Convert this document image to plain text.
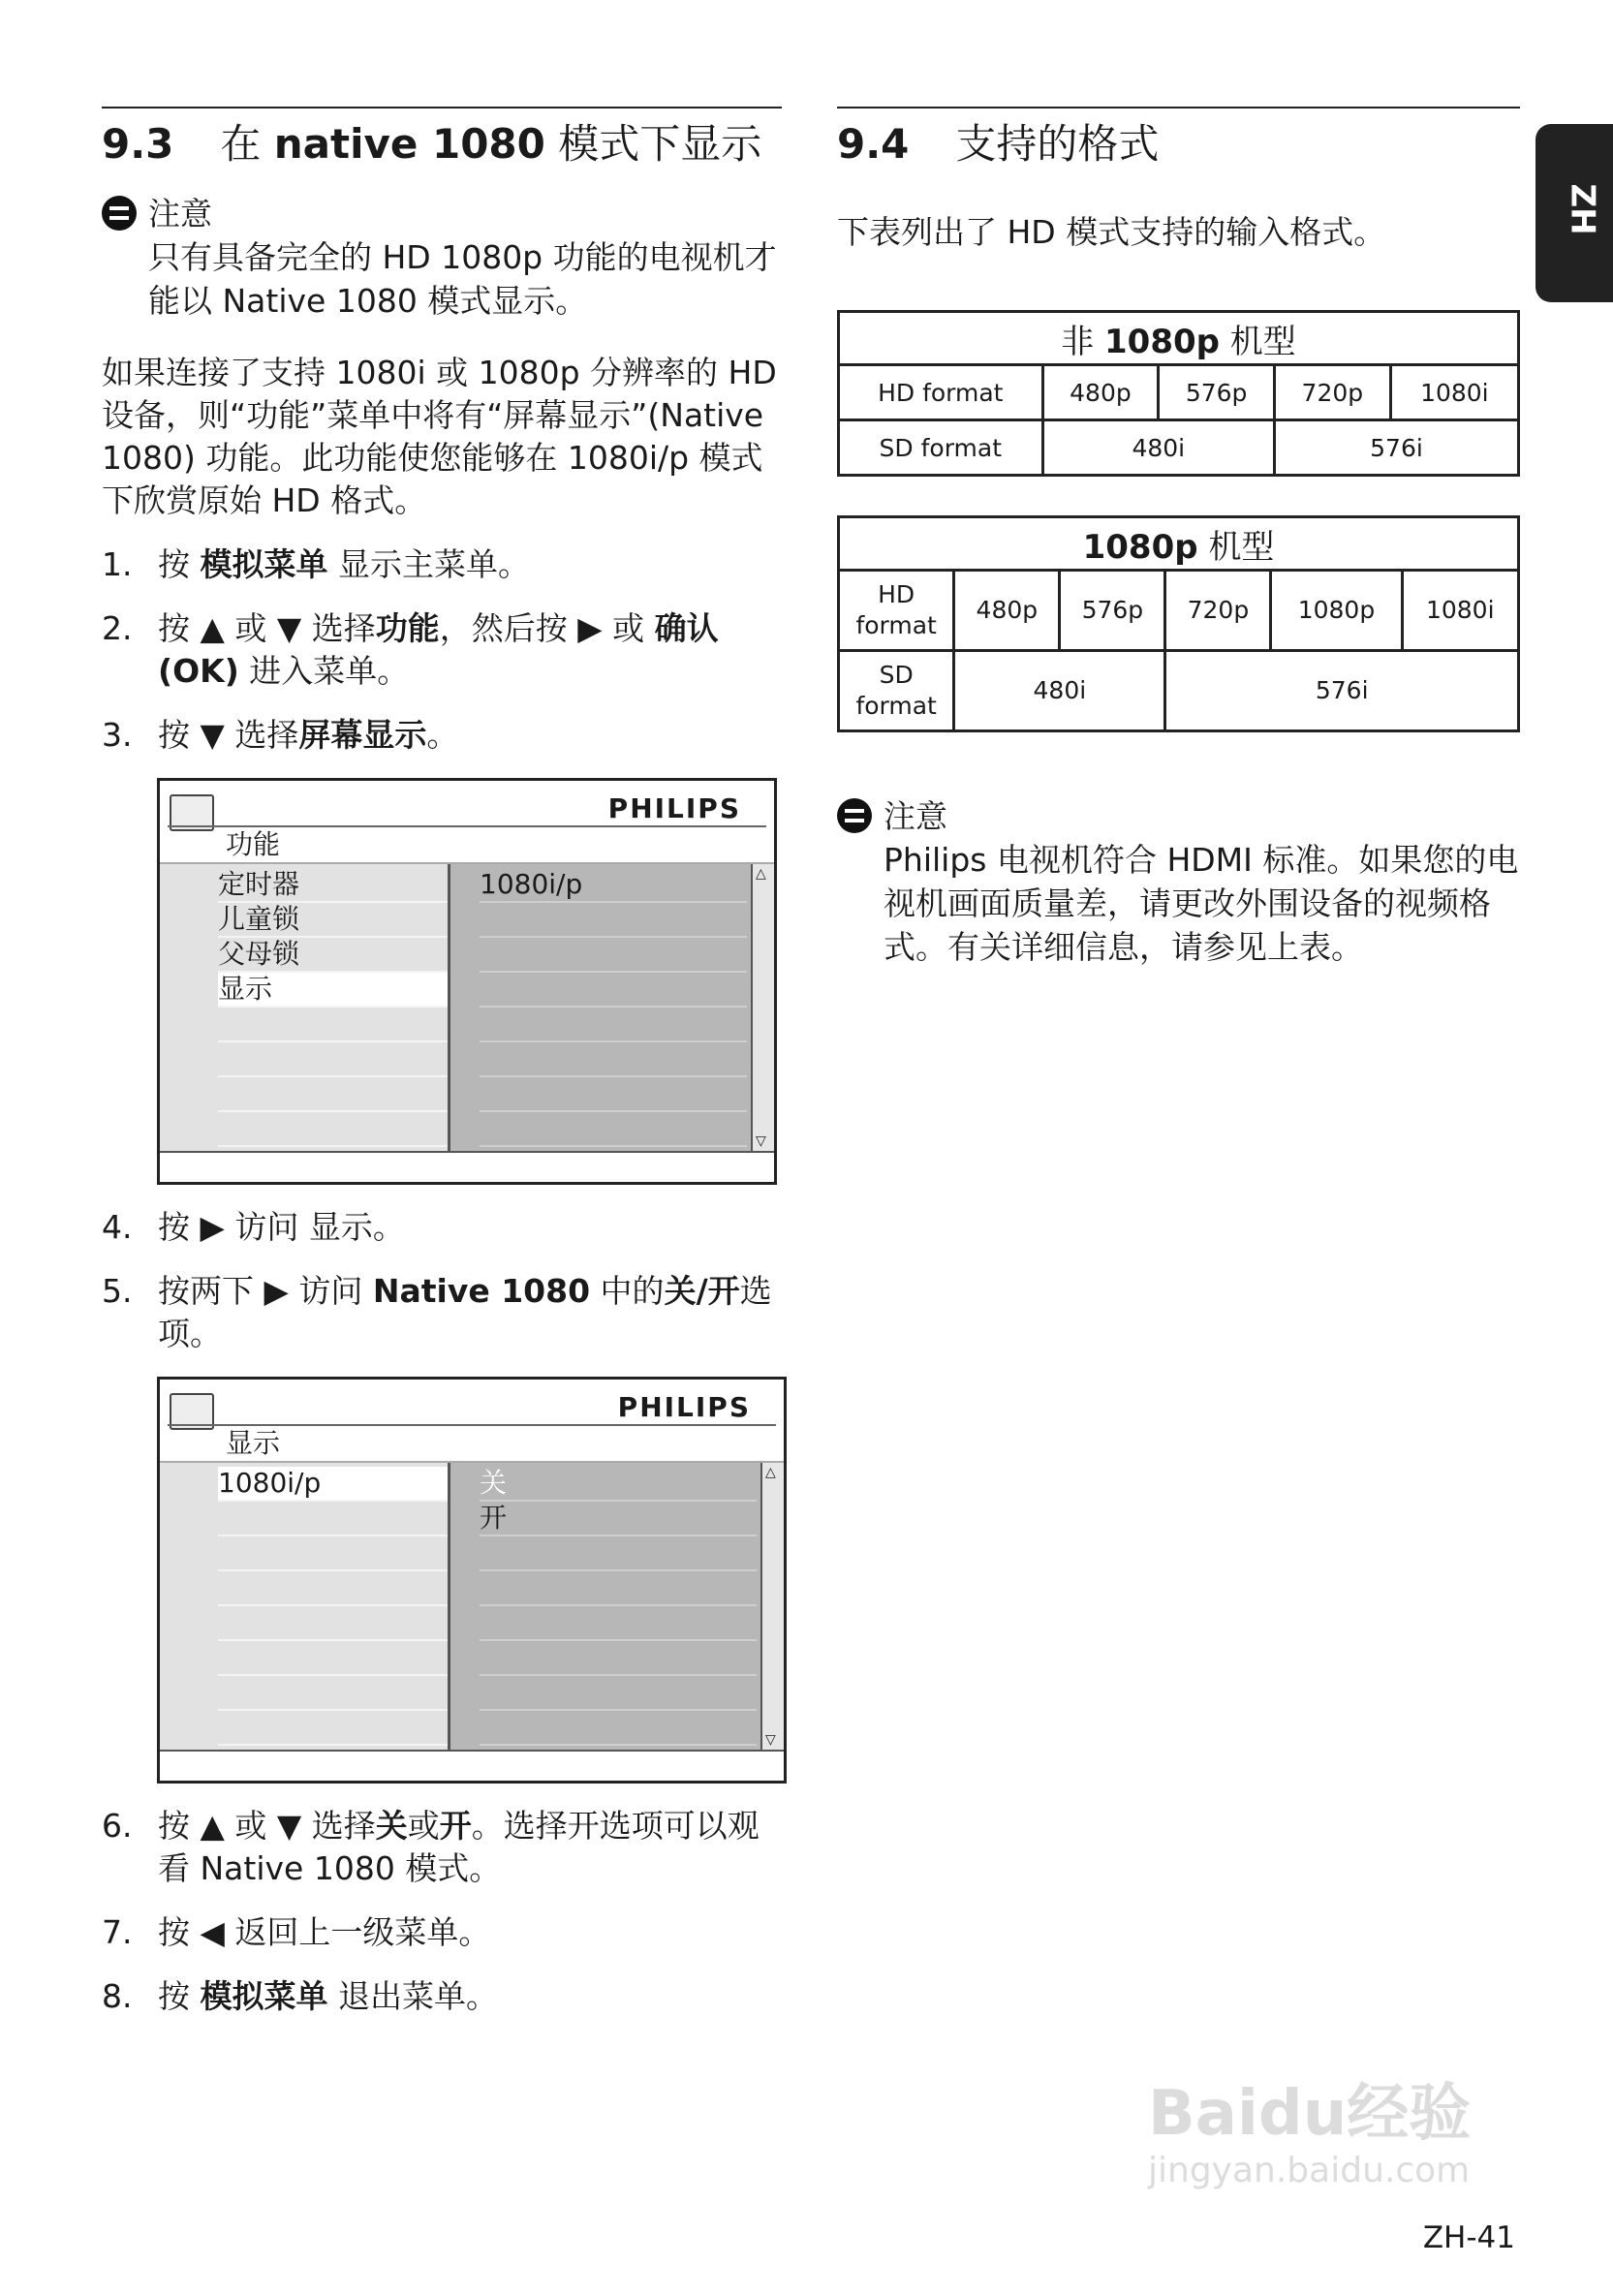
9.3 在 native 1080 模式下显示
注意
只有具备完全的 HD 1080p 功能的电视机才能以 Native 1080 模式显示。

如果连接了支持 1080i 或 1080p 分辨率的 HD 设备，则“功能”菜单中将有“屏幕显示”(Native 1080) 功能。此功能使您能够在 1080i/p 模式下欣赏原始 HD 格式。

1. 按 模拟菜单 显示主菜单。
2. 按 ▲ 或 ▼ 选择功能，然后按 ▶ 或 确认 (OK) 进入菜单。
3. 按 ▼ 选择屏幕显示。
PHILIPS
功能
定时器
儿童锁
父母锁
显示
1080i/p	△
▽
4. 按 ▶ 访问 显示。
5. 按两下 ▶ 访问 Native 1080 中的关/开选项。
PHILIPS
显示
1080i/p	关
开
△
▽
6. 按 ▲ 或 ▼ 选择关或开。选择开选项可以观看 Native 1080 模式。
7. 按 ◀ 返回上一级菜单。
8. 按 模拟菜单 退出菜单。
9.4 支持的格式

下表列出了 HD 模式支持的输入格式。

非 1080p 机型				
HD format	480p	576p	720p	1080i
SD format	480i		576i	
1080p 机型					
HD format	480p	576p	720p	1080p	1080i
SD format	480i		576i		
注意
Philips 电视机符合 HDMI 标准。如果您的电视机画面质量差，请更改外围设备的视频格式。有关详细信息，请参见上表。
ZH
Baidu经验
jingyan.baidu.com
ZH-41
